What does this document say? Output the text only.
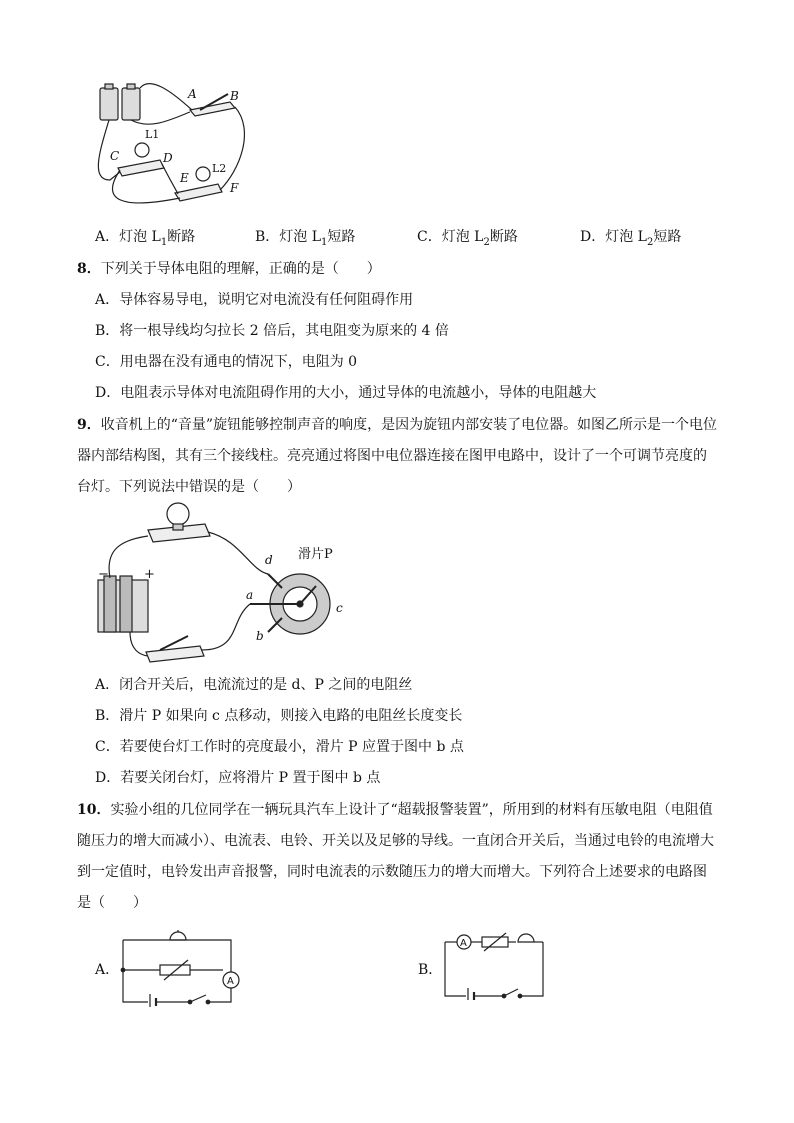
A	B
C	D
E
F
L1
L2
A．灯泡 $L_1$断路	B．灯泡 $L_1$短路	C．灯泡 $L_2$断路	D．灯泡 $L_2$短路
8．下列关于导体电阻的理解，正确的是（　　）
A．导体容易导电，说明它对电流没有任何阻碍作用
B．将一根导线均匀拉长 2 倍后，其电阻变为原来的 4 倍
C．用电器在没有通电的情况下，电阻为 0
D．电阻表示导体对电流阻碍作用的大小，通过导体的电流越小，导体的电阻越大
9．收音机上的“音量”旋钮能够控制声音的响度，是因为旋钮内部安装了电位器。如图乙所示是一个电位
器内部结构图，其有三个接线柱。亮亮通过将图中电位器连接在图甲电路中，设计了一个可调节亮度的
台灯。下列说法中错误的是（　　）
d
a
b
c
滑片P
−	+
A．闭合开关后，电流流过的是 d、P 之间的电阻丝
B．滑片 P 如果向 c 点移动，则接入电路的电阻丝长度变长
C．若要使台灯工作时的亮度最小，滑片 P 应置于图中 b 点
D．若要关闭台灯，应将滑片 P 置于图中 b 点
10．实验小组的几位同学在一辆玩具汽车上设计了“超载报警装置”，所用到的材料有压敏电阻（电阻值
随压力的增大而减小）、电流表、电铃、开关以及足够的导线。一直闭合开关后，当通过电铃的电流增大
到一定值时，电铃发出声音报警，同时电流表的示数随压力的增大而增大。下列符合上述要求的电路图
是（　　）
A．
A
B．
A
